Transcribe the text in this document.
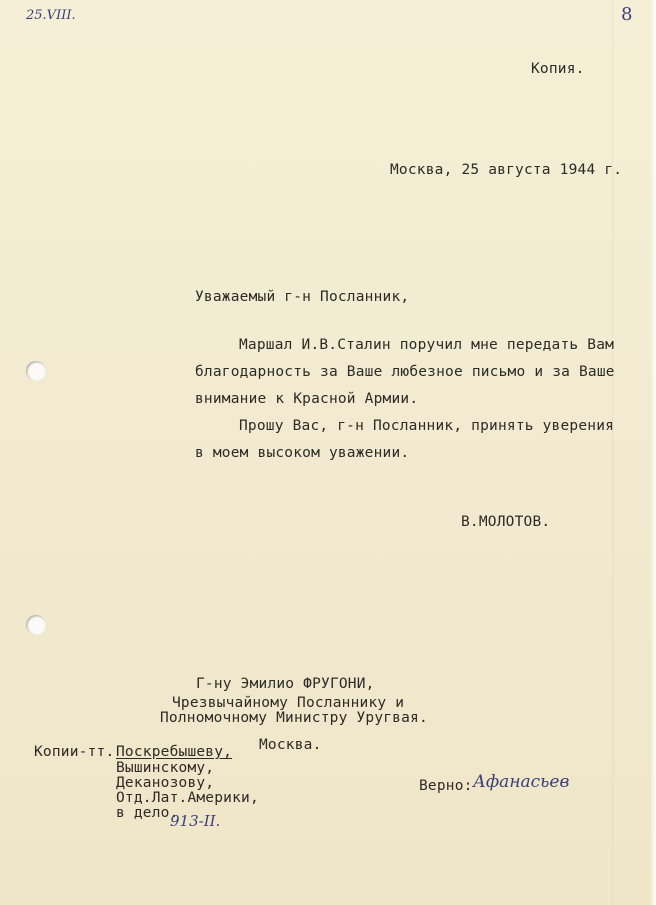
25.VIII.	8
Копия.
Москва, 25 августа 1944 г.
Уважаемый г-н Посланник,
Маршал И.В.Сталин поручил мне передать Вам
благодарность за Ваше любезное письмо и за Ваше
внимание к Красной Армии.
Прошу Вас, г-н Посланник, принять уверения
в моем высоком уважении.
В.МОЛОТОВ.
Г-ну Эмилио ФРУГОНИ,
Чрезвычайному Посланнику и
Полномочному Министру Уругвая.
Москва.
Копии-тт. Поскребышеву,
Вышинскому,
Деканозову,
Отд.Лат.Америки,
в дело.
913-II.
Верно: Афанасьев
